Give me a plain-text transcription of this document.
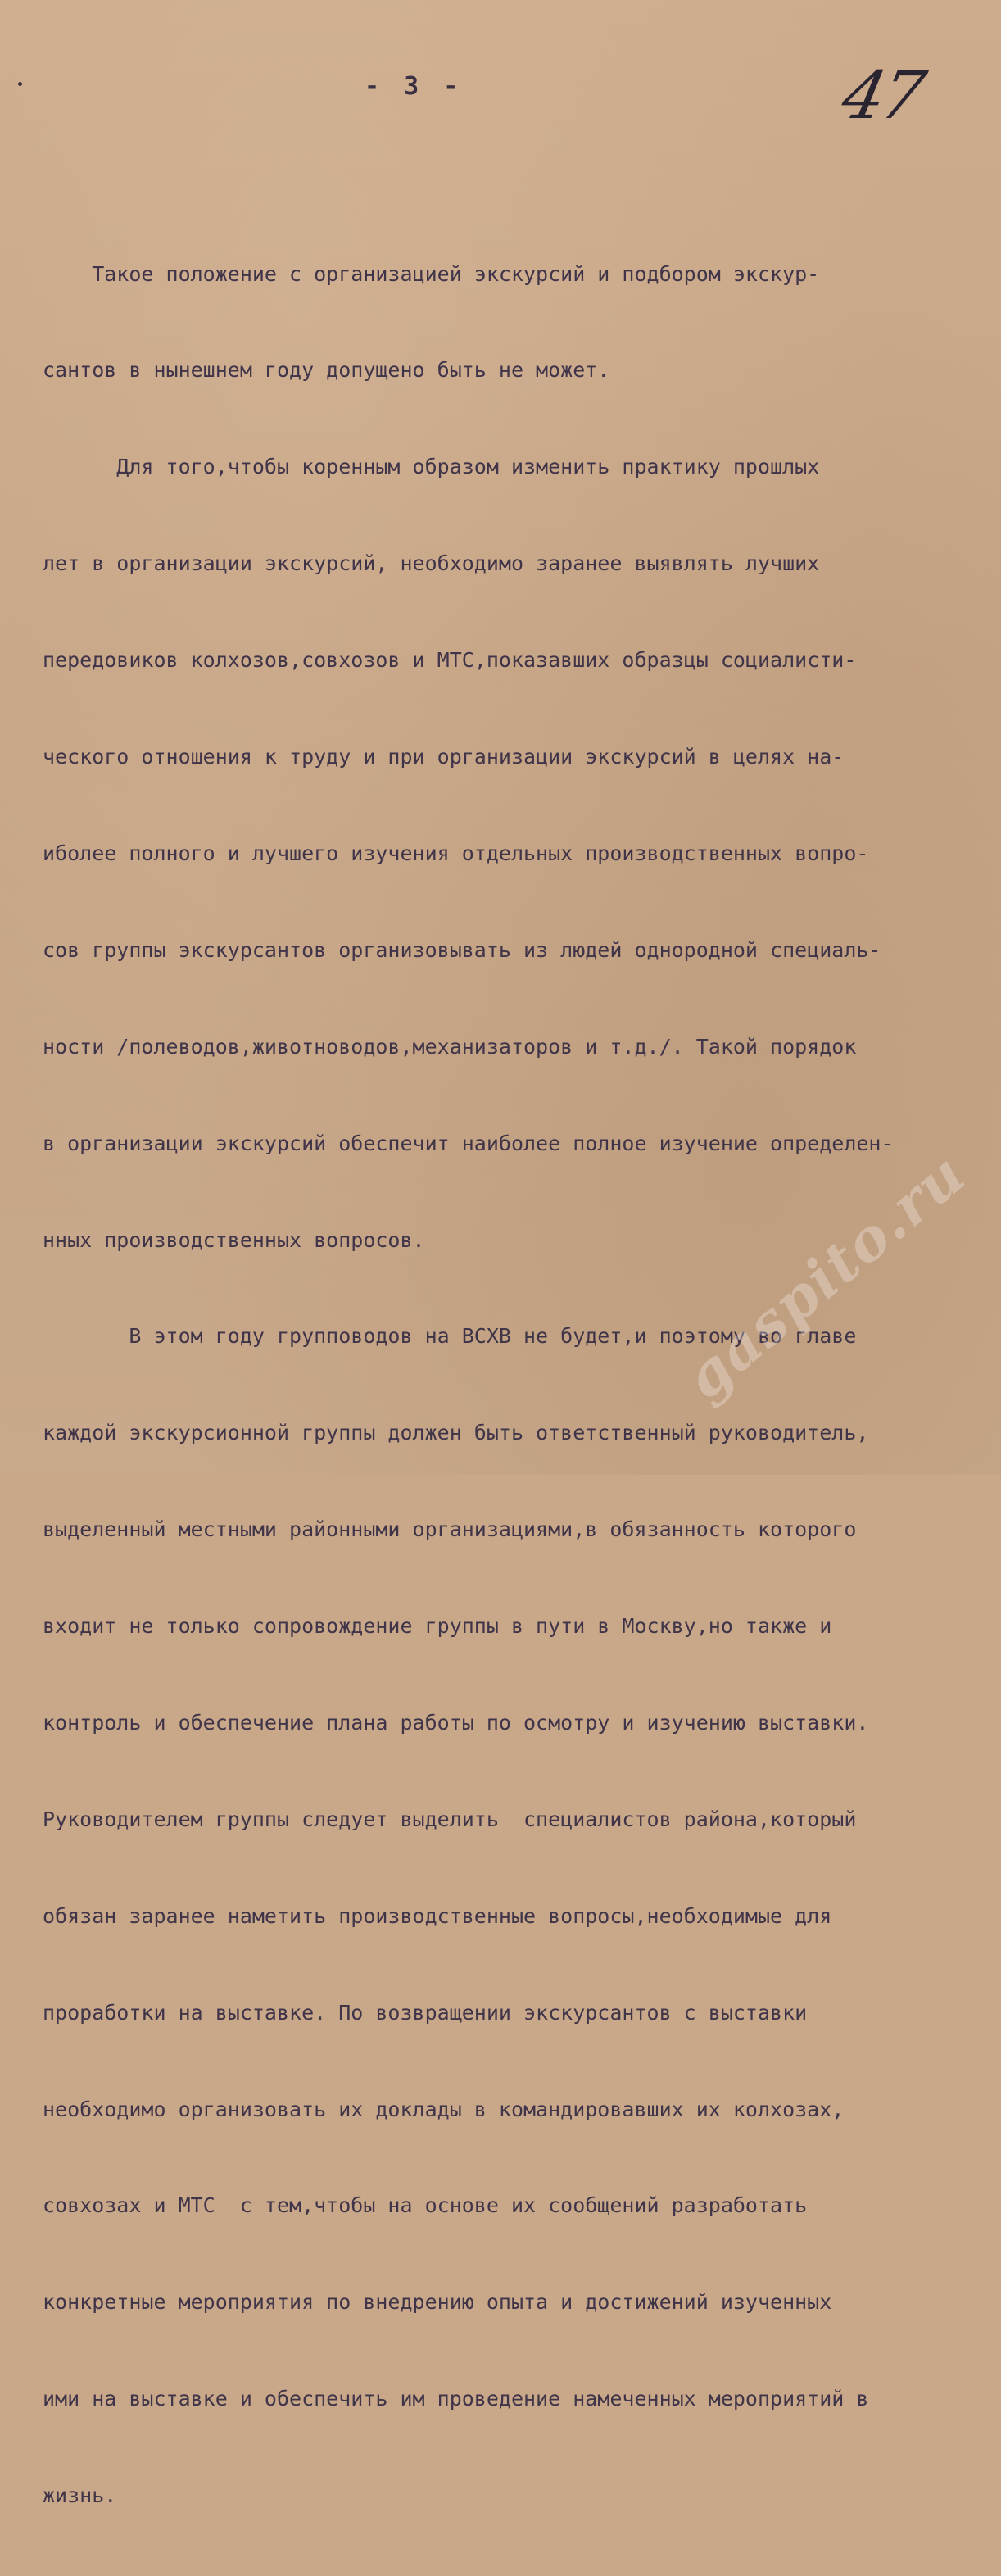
- 3 -	47

Такое положение с организацией экскурсий и подбором экскур-

сантов в нынешнем году допущено быть не может.

Для того,чтобы коренным образом изменить практику прошлых

лет в организации экскурсий, необходимо заранее выявлять лучших

передовиков колхозов,совхозов и МТС,показавших образцы социалисти-

ческого отношения к труду и при организации экскурсий в целях на-

иболее полного и лучшего изучения отдельных производственных вопро-

сов группы экскурсантов организовывать из людей однородной специаль-

ности /полеводов,животноводов,механизаторов и т.д./. Такой порядок

в организации экскурсий обеспечит наиболее полное изучение определен-

нных производственных вопросов.

В этом году групповодов на ВСХВ не будет,и поэтому во главе

каждой экскурсионной группы должен быть ответственный руководитель,

выделенный местными районными организациями,в обязанность которого

входит не только сопровождение группы в пути в Москву,но также и

контроль и обеспечение плана работы по осмотру и изучению выставки.

Руководителем группы следует выделить  специалистов района,который

обязан заранее наметить производственные вопросы,необходимые для

проработки на выставке. По возвращении экскурсантов с выставки

необходимо организовать их доклады в командировавших их колхозах,

совхозах и МТС  с тем,чтобы на основе их сообщений разработать

конкретные мероприятия по внедрению опыта и достижений изученных

ими на выставке и обеспечить им проведение намеченных мероприятий в

жизнь.

gaspito.ru
